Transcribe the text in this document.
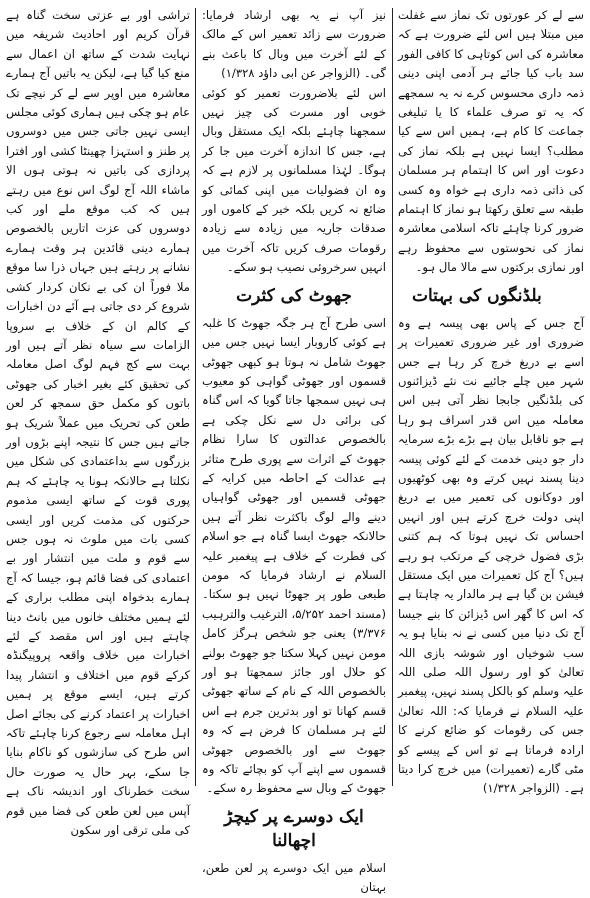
سے لے کر عورتوں تک نماز سے غفلت میں مبتلا ہیں اس لئے ضرورت ہے کہ معاشرہ کی اس کوتاہی کا کافی الفور سد باب کیا جائے ہر آدمی اپنی دینی ذمہ داری محسوس کرے نہ یہ سمجھے کہ یہ تو صرف علماء کا یا تبلیغی جماعت کا کام ہے، ہمیں اس سے کیا مطلب؟ ایسا نہیں ہے بلکہ نماز کی دعوت اور اس کا اہتمام ہر مسلمان کی ذاتی ذمہ داری ہے خواہ وہ کسی طبقہ سے تعلق رکھتا ہو نماز کا اہتمام ضرور کرنا چاہئے تاکہ اسلامی معاشرہ نماز کی نحوستوں سے محفوظ رہے اور نمازی برکتوں سے مالا مال ہو۔

بلڈنگوں کی بہتات

آج جس کے پاس بھی پیسہ ہے وہ ضروری اور غیر ضروری تعمیرات پر اسے بے دریغ خرچ کر رہا ہے جس شہر میں چلے جائیے نت نئے ڈیزائنوں کی بلڈنگیں جابجا نظر آتی ہیں اس معاملہ میں اس قدر اسراف ہو رہا ہے جو ناقابل بیان ہے بڑے بڑے سرمایہ دار جو دینی خدمت کے لئے کوئی پیسہ دینا پسند نہیں کرتے وہ بھی کوٹھیوں اور دوکانوں کی تعمیر میں بے دریغ اپنی دولت خرچ کرتے ہیں اور انہیں احساس تک نہیں ہوتا کہ ہم کتنی بڑی فضول خرچی کے مرتکب ہو رہے ہیں؟ آج کل تعمیرات میں ایک مستقل فیشن بن گیا ہے ہر مالدار یہ چاہتا ہے کہ اس کا گھر اس ڈیزائن کا بنے جیسا آج تک دنیا میں کسی نے نہ بنایا ہو یہ سب شوخیاں اور شوشہ بازی اللہ تعالیٰ کو اور رسول اللہ صلی اللہ علیہ وسلم کو بالکل پسند نہیں، پیغمبر علیہ السلام نے فرمایا کہ: اللہ تعالیٰ جس کی رقومات کو ضائع کرنے کا ارادہ فرماتا ہے تو اس کے پیسے کو مٹی گارے (تعمیرات) میں خرچ کرا دیتا ہے۔ (الزواجر ۱/۳۲۸)

نیز آپ نے یہ بھی ارشاد فرمایا: ضرورت سے زائد تعمیر اس کے مالک کے لئے آخرت میں وبال کا باعث بنے گی۔ (الزواجر عن ابی داؤد ۱/۳۲۸)

اس لئے بلاضرورت تعمیر کو کوئی خوبی اور مسرت کی چیز نہیں سمجھنا چاہئے بلکہ ایک مستقل وبال ہے، جس کا اندازہ آخرت میں جا کر ہوگا۔ لہٰذا مسلمانوں پر لازم ہے کہ وہ ان فضولیات میں اپنی کمائی کو ضائع نہ کریں بلکہ خیر کے کاموں اور صدقات جاریہ میں زیادہ سے زیادہ رقومات صرف کریں تاکہ آخرت میں انہیں سرخروئی نصیب ہو سکے۔

جھوٹ کی کثرت

اسی طرح آج ہر جگہ جھوٹ کا غلبہ ہے کوئی کاروبار ایسا نہیں جس میں جھوٹ شامل نہ ہوتا ہو کبھی جھوٹی قسموں اور جھوٹی گواہی کو معیوب ہی نہیں سمجھا جاتا گویا کہ اس گناہ کی برائی دل سے نکل چکی ہے بالخصوص عدالتوں کا سارا نظام جھوٹ کے اثرات سے پوری طرح متاثر ہے عدالت کے احاطہ میں کرایہ کے جھوٹی قسمیں اور جھوٹی گواہیاں دینے والے لوگ باکثرت نظر آتے ہیں حالانکہ جھوٹ ایسا گناہ ہے جو اسلام کی فطرت کے خلاف ہے پیغمبر علیہ السلام نے ارشاد فرمایا کہ مومن طبعی طور پر جھوٹا نہیں ہو سکتا۔ (مسند احمد ۵/۲۵۲، الترغیب والترہیب ۳/۳۷۶) یعنی جو شخص ہرگز کامل مومن نہیں کہلا سکتا جو جھوٹ بولنے کو حلال اور جائز سمجھتا ہو اور بالخصوص اللہ کے نام کے ساتھ جھوٹی قسم کھانا تو اور بدترین جرم ہے اس لئے ہر مسلمان کا فرض ہے کہ وہ جھوٹ سے اور بالخصوص جھوٹی قسموں سے اپنے آپ کو بچائے تاکہ وہ جھوٹ کے وبال سے محفوظ رہ سکے۔

ایک دوسرے پر کیچڑ اچھالنا

اسلام میں ایک دوسرے پر لعن طعن، بہتان

تراشی اور بے عزتی سخت گناہ ہے قرآن کریم اور احادیث شریفہ میں نہایت شدت کے ساتھ ان اعمال سے منع کیا گیا ہے، لیکن یہ باتیں آج ہمارے معاشرہ میں اوپر سے لے کر نیچے تک عام ہو چکی ہیں ہماری کوئی مجلس ایسی نہیں جاتی جس میں دوسروں پر طنز و استہزا چھینٹا کشی اور افترا پردازی کی باتیں نہ ہوتی ہوں الا ماشاء اللہ آج لوگ اس نوع میں رہتے ہیں کہ کب موقع ملے اور کب دوسروں کی عزت اتاریں بالخصوص ہمارے دینی قائدین ہر وقت ہمارے نشانے پر رہتے ہیں جہاں ذرا سا موقع ملا فوراً ان کی بے نکان کردار کشی شروع کر دی جاتی ہے آئے دن اخبارات کے کالم ان کے خلاف بے سروپا الزامات سے سیاہ نظر آتے ہیں اور بہت سے کج فہم لوگ اصل معاملہ کی تحقیق کئے بغیر اخبار کی جھوٹی باتوں کو مکمل حق سمجھ کر لعن طعن کی تحریک میں عملاً شریک ہو جاتے ہیں جس کا نتیجہ اپنے بڑوں اور بزرگوں سے بداعتمادی کی شکل میں نکلتا ہے حالانکہ ہونا یہ چاہئے کہ ہم پوری قوت کے ساتھ ایسی مذموم حرکتوں کی مذمت کریں اور ایسی کسی بات میں ملوث نہ ہوں جس سے قوم و ملت میں انتشار اور بے اعتمادی کی فضا قائم ہو، جیسا کہ آج ہمارے بدخواہ اپنی مطلب براری کے لئے ہمیں مختلف خانوں میں بانٹ دینا چاہتے ہیں اور اس مقصد کے لئے اخبارات میں خلاف واقعہ پروپیگنڈہ کرکے قوم میں اختلاف و انتشار پیدا کرتے ہیں، ایسے موقع پر ہمیں اخبارات پر اعتماد کرنے کی بجائے اصل اہل معاملہ سے رجوع کرنا چاہئے تاکہ اس طرح کی سازشوں کو ناکام بنایا جا سکے، بہر حال یہ صورت حال سخت خطرناک اور اندیشہ ناک ہے آپس میں لعن طعن کی فضا میں قوم کی ملی ترقی اور سکون
